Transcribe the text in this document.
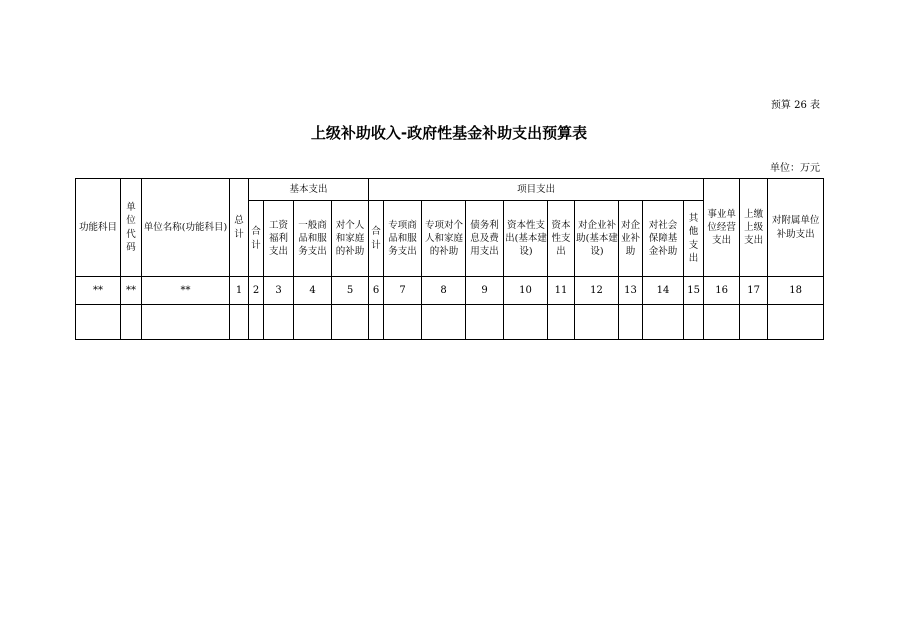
预算 26 表
上级补助收入-政府性基金补助支出预算表
单位：万元
功能科目	单位代码	单位名称(功能科目)	总计	基本支出				项目支出										事业单位经营支出	上缴上级支出	对附属单位补助支出

				合计	工资福利支出	一般商品和服务支出	对个人和家庭的补助	合计	专项商品和服务支出	专项对个人和家庭的补助	债务利息及费用支出	资本性支出(基本建设)	资本性支出	对企业补助(基本建设)	对企业补助	对社会保障基金补助	其他支出			

**	**	**	1	2	3	4	5	6	7	8	9	10	11	12	13	14	15	16	17	18
